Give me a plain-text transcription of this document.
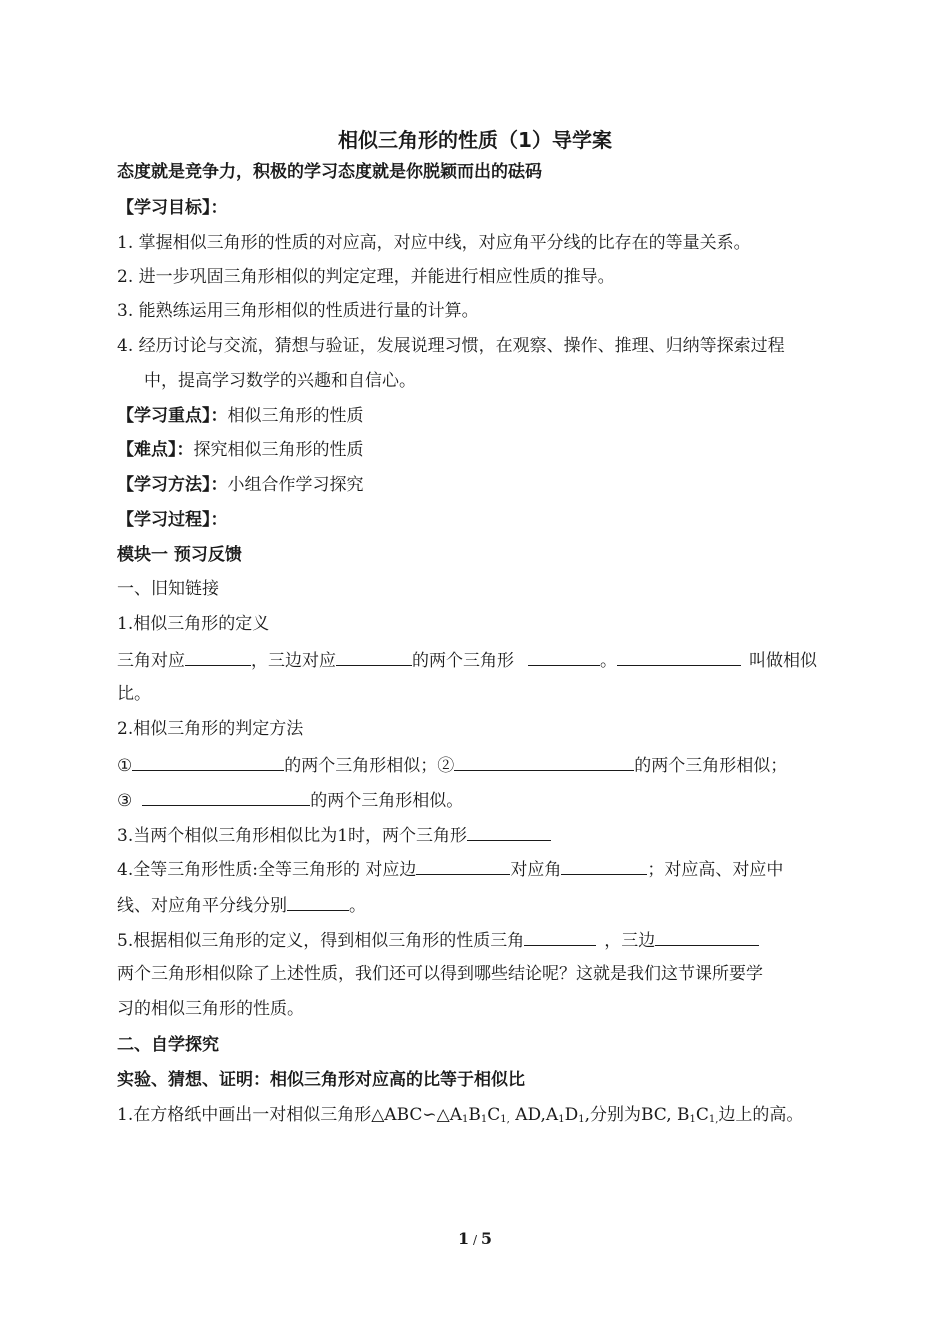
相似三角形的性质（1）导学案
态度就是竞争力，积极的学习态度就是你脱颖而出的砝码
【学习目标】：
1. 掌握相似三角形的性质的对应高，对应中线，对应角平分线的比存在的等量关系。
2. 进一步巩固三角形相似的判定定理，并能进行相应性质的推导。
3. 能熟练运用三角形相似的性质进行量的计算。
4. 经历讨论与交流，猜想与验证，发展说理习惯，在观察、操作、推理、归纳等探索过程
中，提高学习数学的兴趣和自信心。
【学习重点】：相似三角形的性质
【难点】：探究相似三角形的性质
【学习方法】：小组合作学习探究
【学习过程】：
模块一 预习反馈
一、旧知链接
1.相似三角形的定义
三角对应	，三边对应	的两个三角形	。	叫做相似
比。
2.相似三角形的判定方法
①	的两个三角形相似；②	的两个三角形相似；
③	的两个三角形相似。
3.当两个相似三角形相似比为1时，两个三角形
4.全等三角形性质:全等三角形的 对应边	对应角	；对应高、对应中
线、对应角平分线分别	。
5.根据相似三角形的定义，得到相似三角形的性质三角	，三边
两个三角形相似除了上述性质，我们还可以得到哪些结论呢？这就是我们这节课所要学
习的相似三角形的性质。
二、自学探究
实验、猜想、证明：相似三角形对应高的比等于相似比
1.在方格纸中画出一对相似三角形$\triangle ABC∽\triangle A_1B_1C_{1,}$ $AD,A_1D_1$,分别为BC, $B_1C_{1,}$边上的高。
1 / 5
